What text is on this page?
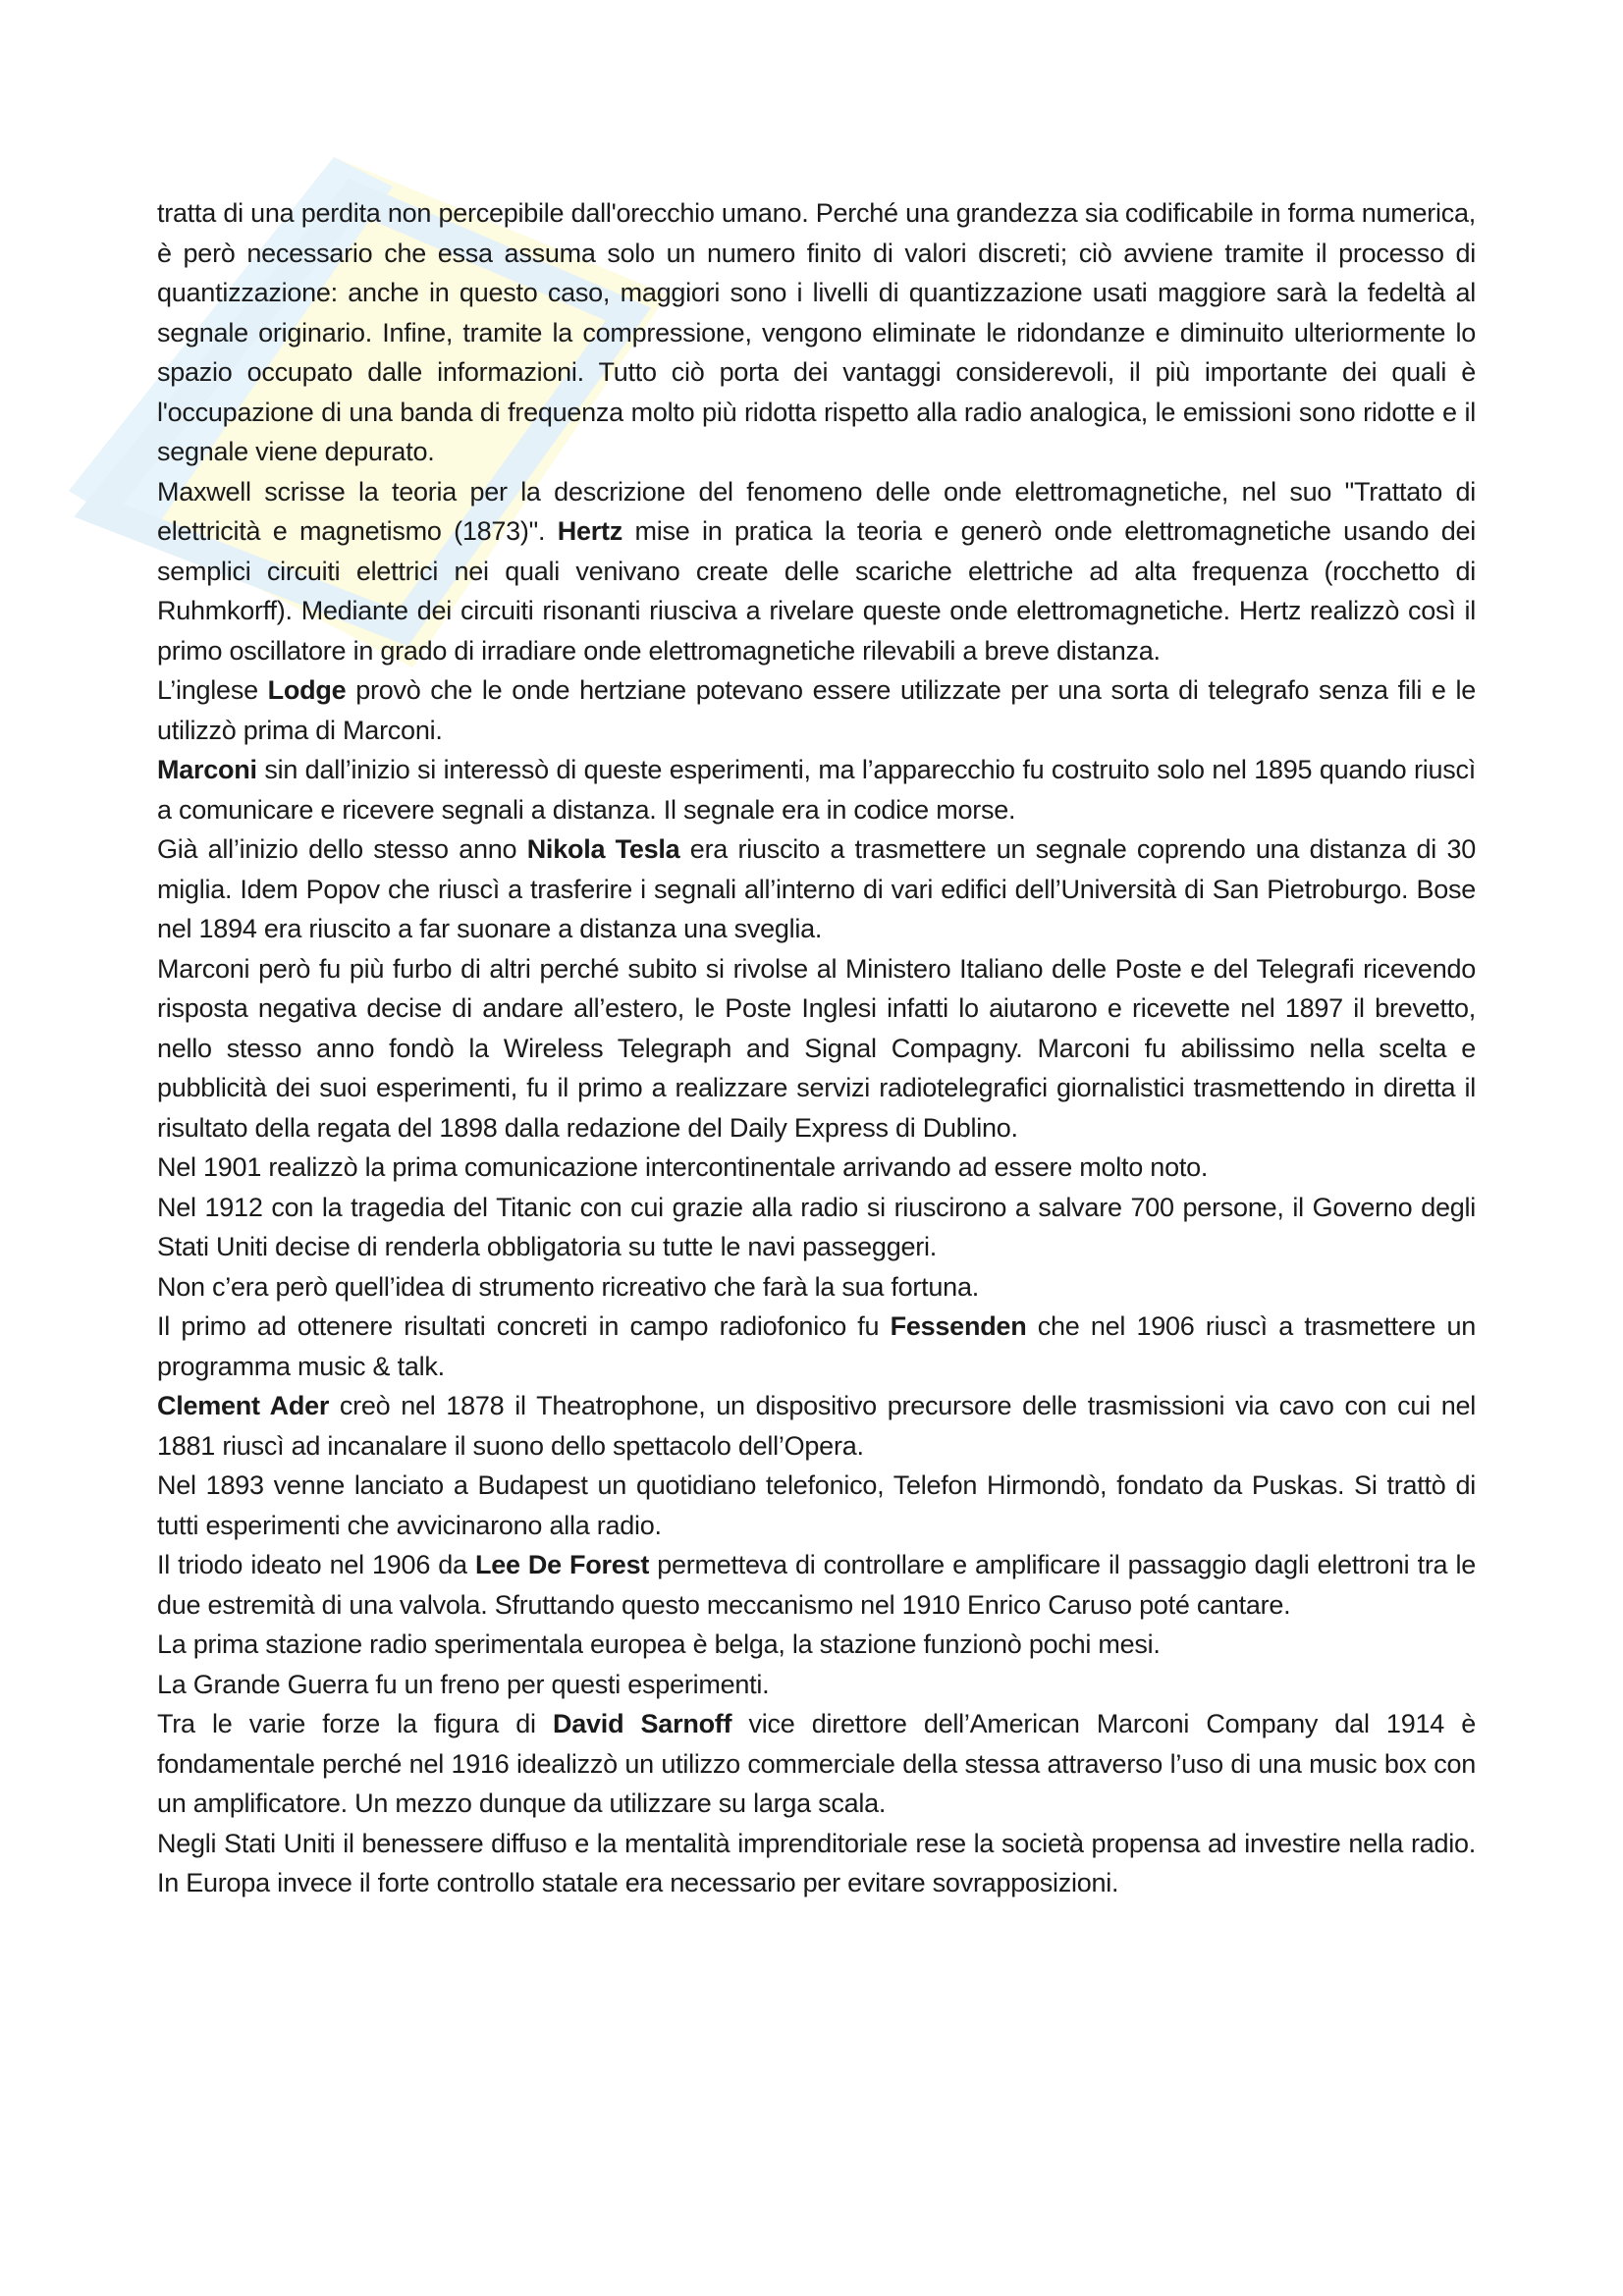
tratta di una perdita non percepibile dall'orecchio umano. Perché una grandezza sia codificabile in forma numerica, è però necessario che essa assuma solo un numero finito di valori discreti; ciò avviene tramite il processo di quantizzazione: anche in questo caso, maggiori sono i livelli di quantizzazione usati maggiore sarà la fedeltà al segnale originario. Infine, tramite la compressione, vengono eliminate le ridondanze e diminuito ulteriormente lo spazio occupato dalle informazioni. Tutto ciò porta dei vantaggi considerevoli, il più importante dei quali è l'occupazione di una banda di frequenza molto più ridotta rispetto alla radio analogica, le emissioni sono ridotte e il segnale viene depurato.

Maxwell scrisse la teoria per la descrizione del fenomeno delle onde elettromagnetiche, nel suo "Trattato di elettricità e magnetismo (1873)". Hertz mise in pratica la teoria e generò onde elettromagnetiche usando dei semplici circuiti elettrici nei quali venivano create delle scariche elettriche ad alta frequenza (rocchetto di Ruhmkorff). Mediante dei circuiti risonanti riusciva a rivelare queste onde elettromagnetiche. Hertz realizzò così il primo oscillatore in grado di irradiare onde elettromagnetiche rilevabili a breve distanza.

L’inglese Lodge provò che le onde hertziane potevano essere utilizzate per una sorta di telegrafo senza fili e le utilizzò prima di Marconi.

Marconi sin dall’inizio si interessò di queste esperimenti, ma l’apparecchio fu costruito solo nel 1895 quando riuscì a comunicare e ricevere segnali a distanza. Il segnale era in codice morse.

Già all’inizio dello stesso anno Nikola Tesla era riuscito a trasmettere un segnale coprendo una distanza di 30 miglia. Idem Popov che riuscì a trasferire i segnali all’interno di vari edifici dell’Università di San Pietroburgo. Bose nel 1894 era riuscito a far suonare a distanza una sveglia.

Marconi però fu più furbo di altri perché subito si rivolse al Ministero Italiano delle Poste e del Telegrafi ricevendo risposta negativa decise di andare all’estero, le Poste Inglesi infatti lo aiutarono e ricevette nel 1897 il brevetto, nello stesso anno fondò la Wireless Telegraph and Signal Compagny. Marconi fu abilissimo nella scelta e pubblicità dei suoi esperimenti, fu il primo a realizzare servizi radiotelegrafici giornalistici trasmettendo in diretta il risultato della regata del 1898 dalla redazione del Daily Express di Dublino.

Nel 1901 realizzò la prima comunicazione intercontinentale arrivando ad essere molto noto.

Nel 1912 con la tragedia del Titanic con cui grazie alla radio si riuscirono a salvare 700 persone, il Governo degli Stati Uniti decise di renderla obbligatoria su tutte le navi passeggeri.

Non c’era però quell’idea di strumento ricreativo che farà la sua fortuna.

Il primo ad ottenere risultati concreti in campo radiofonico fu Fessenden che nel 1906 riuscì a trasmettere un programma music & talk.

Clement Ader creò nel 1878 il Theatrophone, un dispositivo precursore delle trasmissioni via cavo con cui nel 1881 riuscì ad incanalare il suono dello spettacolo dell’Opera.

Nel 1893 venne lanciato a Budapest un quotidiano telefonico, Telefon Hirmondò, fondato da Puskas. Si trattò di tutti esperimenti che avvicinarono alla radio.

Il triodo ideato nel 1906 da Lee De Forest permetteva di controllare e amplificare il passaggio dagli elettroni tra le due estremità di una valvola. Sfruttando questo meccanismo nel 1910 Enrico Caruso poté cantare.

La prima stazione radio sperimentala europea è belga, la stazione funzionò pochi mesi.

La Grande Guerra fu un freno per questi esperimenti.

Tra le varie forze la figura di David Sarnoff vice direttore dell’American Marconi Company dal 1914 è fondamentale perché nel 1916 idealizzò un utilizzo commerciale della stessa attraverso l’uso di una music box con un amplificatore. Un mezzo dunque da utilizzare su larga scala.

Negli Stati Uniti il benessere diffuso e la mentalità imprenditoriale rese la società propensa ad investire nella radio. In Europa invece il forte controllo statale era necessario per evitare sovrapposizioni.
